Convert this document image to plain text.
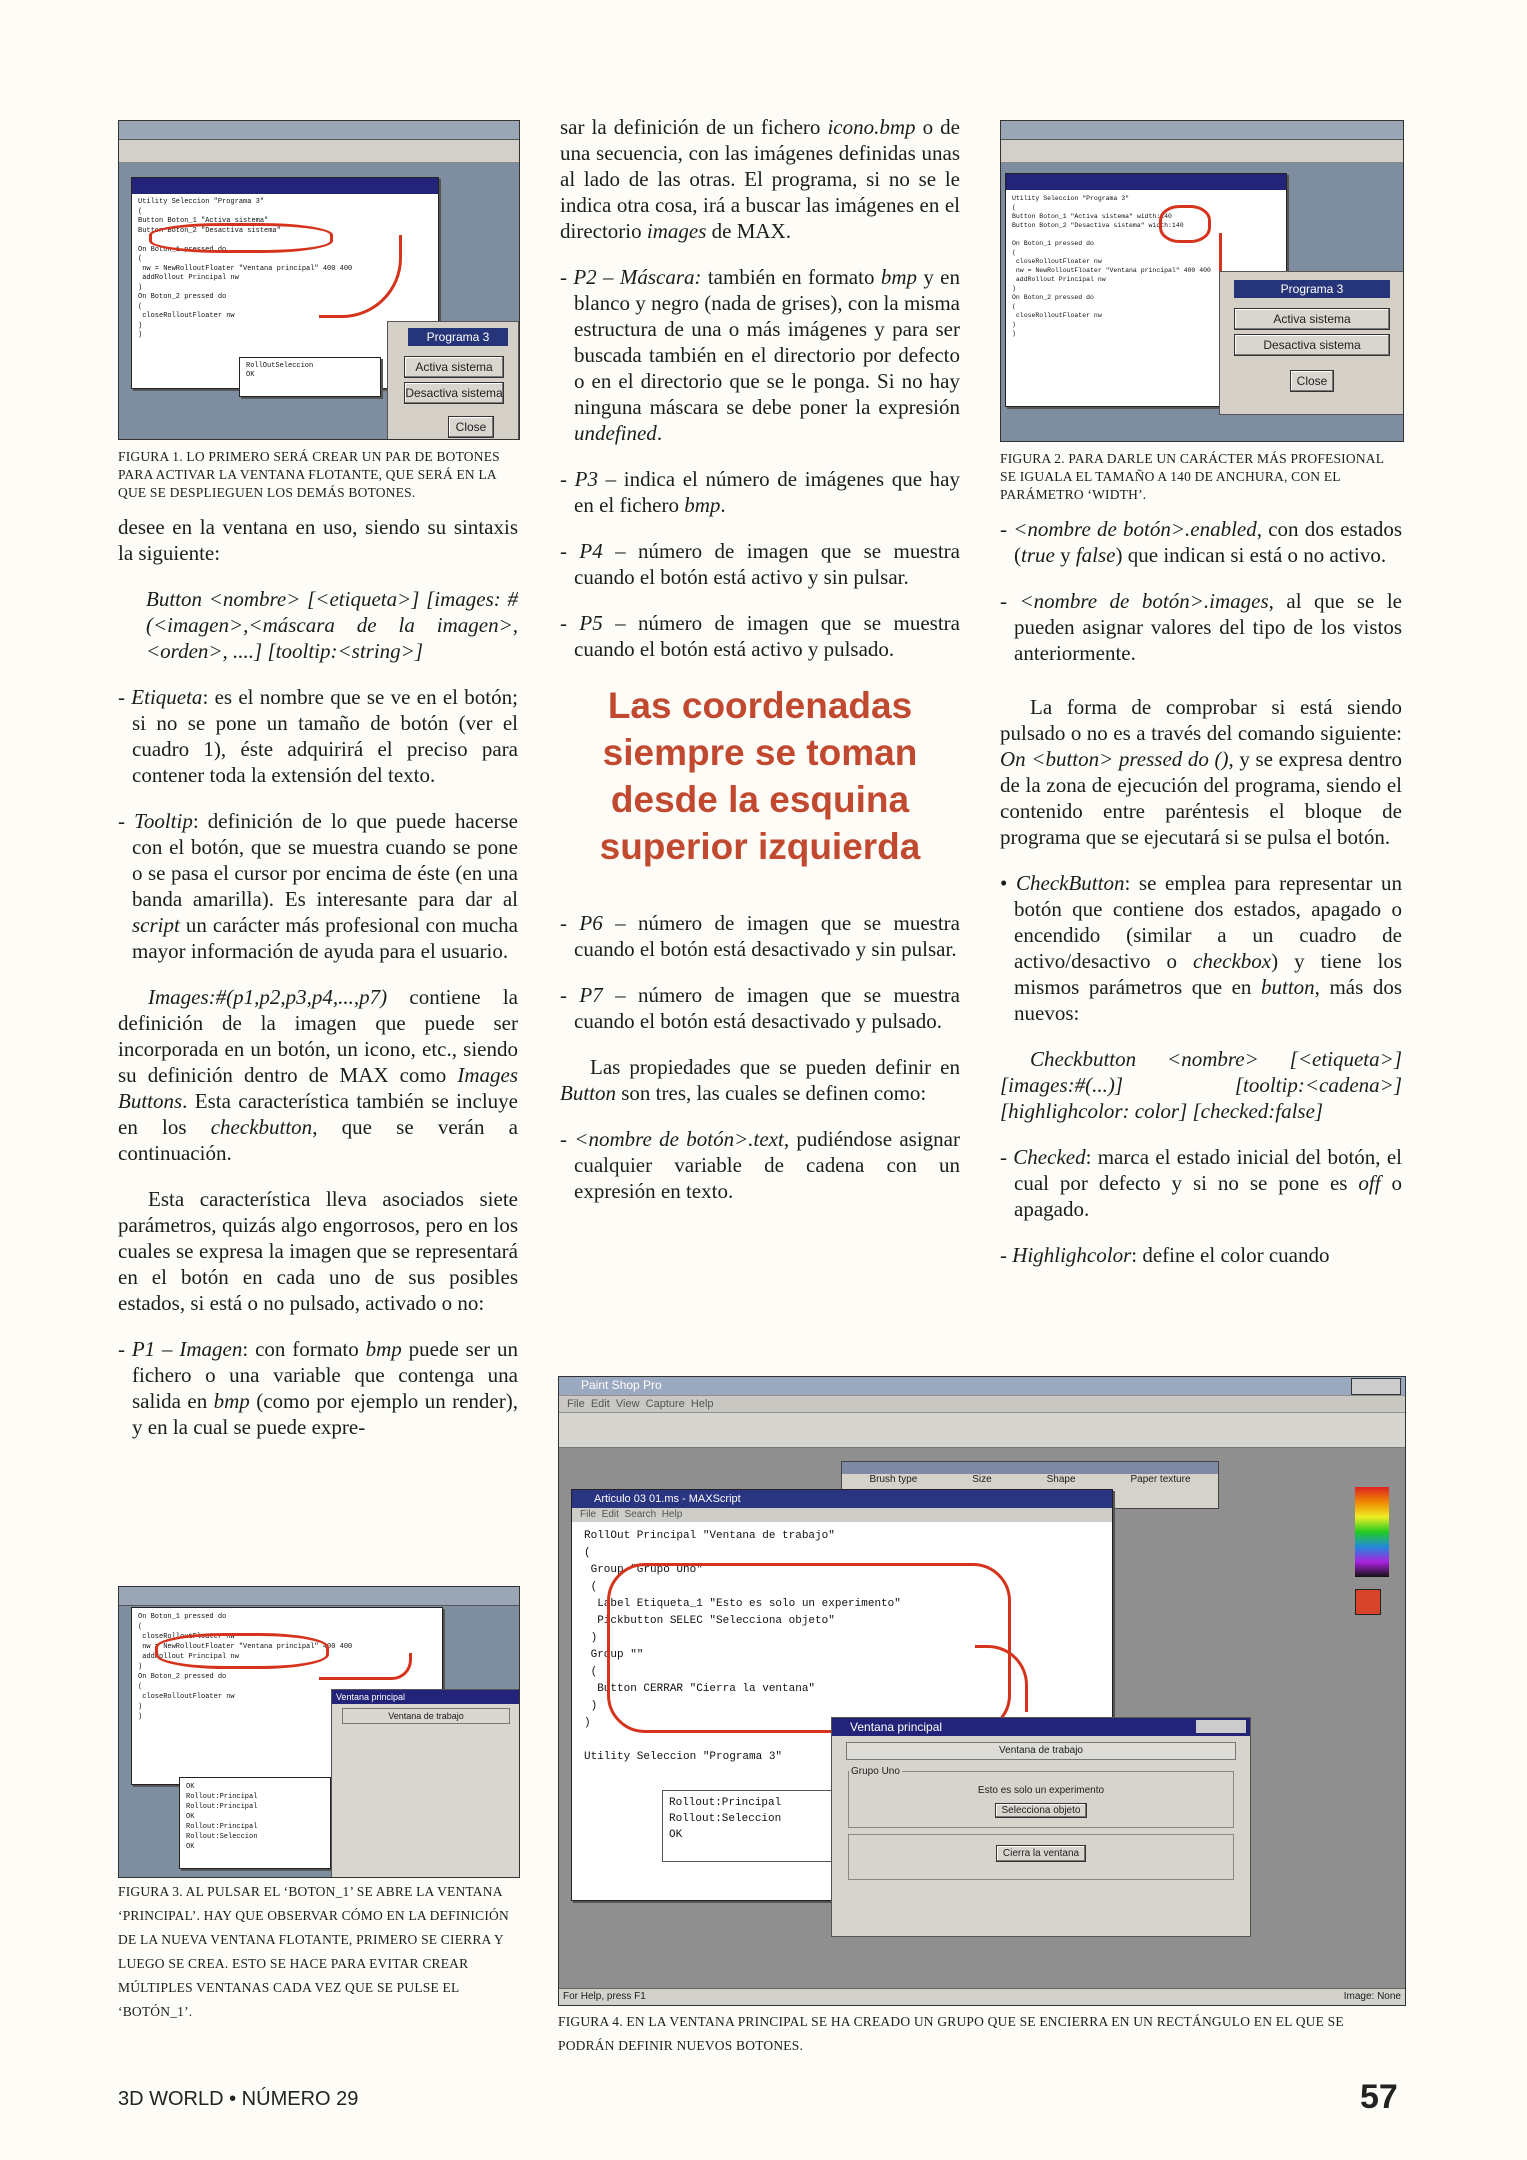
Utility Seleccion "Programa 3"
(
Button Boton_1 "Activa sistema"
Button Boton_2 "Desactiva sistema"

On Boton_1 pressed do
(
nw = NewRolloutFloater "Ventana principal" 400 400
addRollout Principal nw
)
On Boton_2 pressed do
(
closeRolloutFloater nw
)
)
RollOutSeleccion
OK
Programa 3
Activa sistema
Desactiva sistema
Close
FIGURA 1. LO PRIMERO SERÁ CREAR UN PAR DE BOTONES PARA ACTIVAR LA VENTANA FLOTANTE, QUE SERÁ EN LA QUE SE DESPLIEGUEN LOS DEMÁS BOTONES.

desee en la ventana en uso, siendo su sintaxis la siguiente:

Button <nombre> [<etiqueta>] [images: #(<imagen>,<máscara de la imagen>, <orden>, ....] [tooltip:<string>]

- Etiqueta: es el nombre que se ve en el botón; si no se pone un tamaño de botón (ver el cuadro 1), éste adquirirá el preciso para contener toda la extensión del texto.

- Tooltip: definición de lo que puede hacerse con el botón, que se muestra cuando se pone o se pasa el cursor por encima de éste (en una banda amarilla). Es interesante para dar al script un carácter más profesional con mucha mayor información de ayuda para el usuario.

Images:#(p1,p2,p3,p4,...,p7) contiene la definición de la imagen que puede ser incorporada en un botón, un icono, etc., siendo su definición dentro de MAX como Images Buttons. Esta característica también se incluye en los checkbutton, que se verán a continuación.

Esta característica lleva asociados siete parámetros, quizás algo engorrosos, pero en los cuales se expresa la imagen que se representará en el botón en cada uno de sus posibles estados, si está o no pulsado, activado o no:

- P1 – Imagen: con formato bmp puede ser un fichero o una variable que contenga una salida en bmp (como por ejemplo un render), y en la cual se puede expre-

On Boton_1 pressed do
(
closeRolloutFloater nw
nw = NewRolloutFloater "Ventana principal" 400 400
addRollout Principal nw
)
On Boton_2 pressed do
(
closeRolloutFloater nw
)
)
OK
Rollout:Principal
Rollout:Principal
OK
Rollout:Principal
Rollout:Seleccion
OK
Ventana principal
Ventana de trabajo
FIGURA 3. AL PULSAR EL ‘BOTON_1’ SE ABRE LA VENTANA ‘PRINCIPAL’. HAY QUE OBSERVAR CÓMO EN LA DEFINICIÓN DE LA NUEVA VENTANA FLOTANTE, PRIMERO SE CIERRA Y LUEGO SE CREA. ESTO SE HACE PARA EVITAR CREAR MÚLTIPLES VENTANAS CADA VEZ QUE SE PULSE EL ‘BOTÓN_1’.

sar la definición de un fichero icono.bmp o de una secuencia, con las imágenes definidas unas al lado de las otras. El programa, si no se le indica otra cosa, irá a buscar las imágenes en el directorio images de MAX.

- P2 – Máscara: también en formato bmp y en blanco y negro (nada de grises), con la misma estructura de una o más imágenes y para ser buscada también en el directorio por defecto o en el directorio que se le ponga. Si no hay ninguna máscara se debe poner la expresión undefined.

- P3 – indica el número de imágenes que hay en el fichero bmp.

- P4 – número de imagen que se muestra cuando el botón está activo y sin pulsar.

- P5 – número de imagen que se muestra cuando el botón está activo y pulsado.

Las coordenadas siempre se toman desde la esquina superior izquierda

- P6 – número de imagen que se muestra cuando el botón está desactivado y sin pulsar.

- P7 – número de imagen que se muestra cuando el botón está desactivado y pulsado.

Las propiedades que se pueden definir en Button son tres, las cuales se definen como:

- <nombre de botón>.text, pudiéndose asignar cualquier variable de cadena con un expresión en texto.

Utility Seleccion "Programa 3"
(
Button Boton_1 "Activa sistema" width:140
Button Boton_2 "Desactiva sistema" width:140

On Boton_1 pressed do
(
closeRolloutFloater nw
nw = NewRolloutFloater "Ventana principal" 400 400
addRollout Principal nw
)
On Boton_2 pressed do
(
closeRolloutFloater nw
)
)
Programa 3
Activa sistema
Desactiva sistema
Close
FIGURA 2. PARA DARLE UN CARÁCTER MÁS PROFESIONAL SE IGUALA EL TAMAÑO A 140 DE ANCHURA, CON EL PARÁMETRO ‘WIDTH’.

- <nombre de botón>.enabled, con dos estados (true y false) que indican si está o no activo.

- <nombre de botón>.images, al que se le pueden asignar valores del tipo de los vistos anteriormente.

La forma de comprobar si está siendo pulsado o no es a través del comando siguiente: On <button> pressed do (), y se expresa dentro de la zona de ejecución del programa, siendo el contenido entre paréntesis el bloque de programa que se ejecutará si se pulsa el botón.

• CheckButton: se emplea para representar un botón que contiene dos estados, apagado o encendido (similar a un cuadro de activo/desactivo o checkbox) y tiene los mismos parámetros que en button, más dos nuevos:

Checkbutton <nombre> [<etiqueta>] [images:#(...)] [tooltip:<cadena>] [highlighcolor: color] [checked:false]

- Checked: marca el estado inicial del botón, el cual por defecto y si no se pone es off o apagado.

- Highlighcolor: define el color cuando

Paint Shop Pro
File  Edit  View  Capture  Help
Brush type	Size	Shape	Paper texture
Articulo 03 01.ms - MAXScript
File  Edit  Search  Help
RollOut Principal "Ventana de trabajo"
(
Group "Grupo Uno"
(
Label Etiqueta_1 "Esto es solo un experimento"
Pickbutton SELEC "Selecciona objeto"
)
Group ""
(
Button CERRAR "Cierra la ventana"
)
)

Utility Seleccion "Programa 3"
Rollout:Principal
Rollout:Seleccion
OK
Ventana principal
Ventana de trabajo
Grupo Uno
Esto es solo un experimento
Selecciona objeto
Cierra la ventana
For Help, press F1	Image: None
FIGURA 4. EN LA VENTANA PRINCIPAL SE HA CREADO UN GRUPO QUE SE ENCIERRA EN UN RECTÁNGULO EN EL QUE SE PODRÁN DEFINIR NUEVOS BOTONES.
3D WORLD • NÚMERO 29	57
